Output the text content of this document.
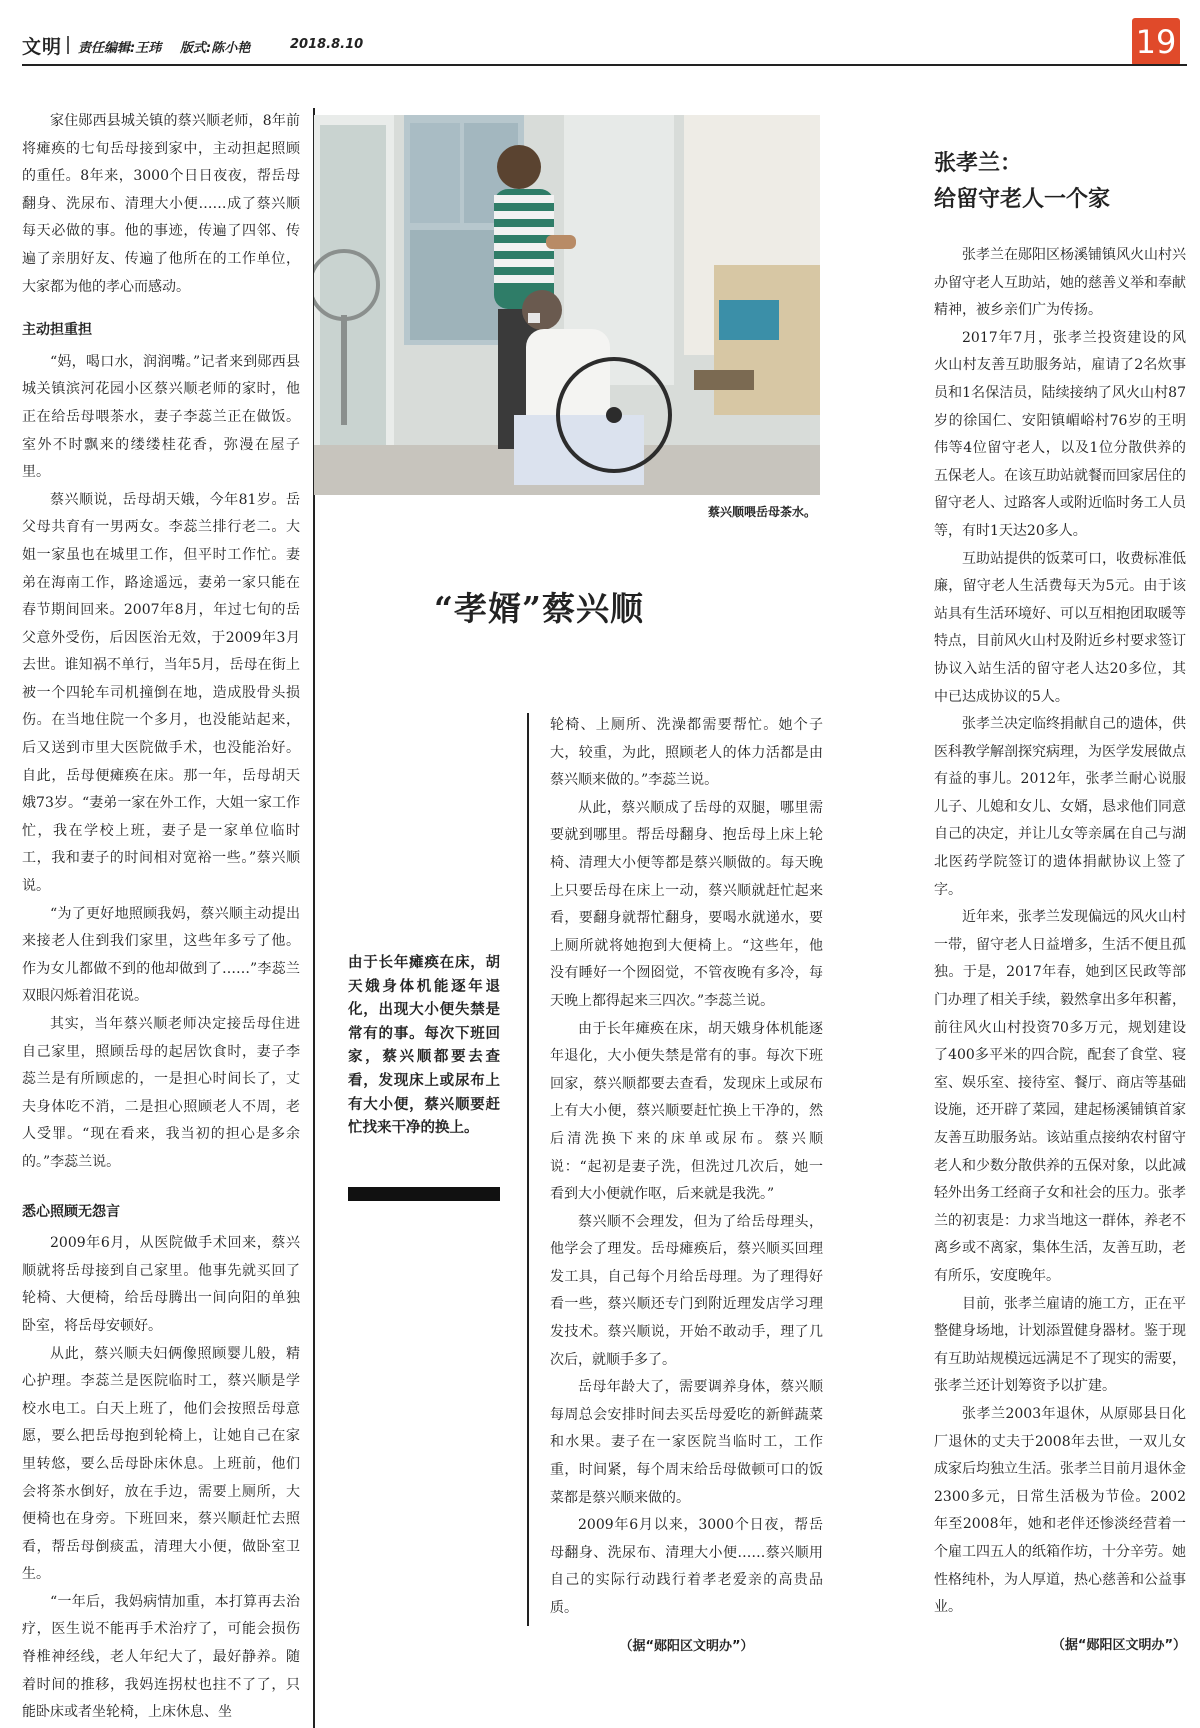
文明 责任编辑:王玮 版式:陈小艳	2018.8.10	19

家住郧西县城关镇的蔡兴顺老师，8年前将瘫痪的七旬岳母接到家中，主动担起照顾的重任。8年来，3000个日日夜夜，帮岳母翻身、洗尿布、清理大小便……成了蔡兴顺每天必做的事。他的事迹，传遍了四邻、传遍了亲朋好友、传遍了他所在的工作单位，大家都为他的孝心而感动。

主动担重担

“妈，喝口水，润润嘴。”记者来到郧西县城关镇滨河花园小区蔡兴顺老师的家时，他正在给岳母喂茶水，妻子李蕊兰正在做饭。室外不时飘来的缕缕桂花香，弥漫在屋子里。

蔡兴顺说，岳母胡天娥，今年81岁。岳父母共育有一男两女。李蕊兰排行老二。大姐一家虽也在城里工作，但平时工作忙。妻弟在海南工作，路途遥远，妻弟一家只能在春节期间回来。2007年8月，年过七旬的岳父意外受伤，后因医治无效，于2009年3月去世。谁知祸不单行，当年5月，岳母在街上被一个四轮车司机撞倒在地，造成股骨头损伤。在当地住院一个多月，也没能站起来，后又送到市里大医院做手术，也没能治好。自此，岳母便瘫痪在床。那一年，岳母胡天娥73岁。“妻弟一家在外工作，大姐一家工作忙，我在学校上班，妻子是一家单位临时工，我和妻子的时间相对宽裕一些。”蔡兴顺说。

“为了更好地照顾我妈，蔡兴顺主动提出来接老人住到我们家里，这些年多亏了他。作为女儿都做不到的他却做到了……”李蕊兰双眼闪烁着泪花说。

其实，当年蔡兴顺老师决定接岳母住进自己家里，照顾岳母的起居饮食时，妻子李蕊兰是有所顾虑的，一是担心时间长了，丈夫身体吃不消，二是担心照顾老人不周，老人受罪。“现在看来，我当初的担心是多余的。”李蕊兰说。

悉心照顾无怨言

2009年6月，从医院做手术回来，蔡兴顺就将岳母接到自己家里。他事先就买回了轮椅、大便椅，给岳母腾出一间向阳的单独卧室，将岳母安顿好。

从此，蔡兴顺夫妇俩像照顾婴儿般，精心护理。李蕊兰是医院临时工，蔡兴顺是学校水电工。白天上班了，他们会按照岳母意愿，要么把岳母抱到轮椅上，让她自己在家里转悠，要么岳母卧床休息。上班前，他们会将茶水倒好，放在手边，需要上厕所，大便椅也在身旁。下班回来，蔡兴顺赶忙去照看，帮岳母倒痰盂，清理大小便，做卧室卫生。

“一年后，我妈病情加重，本打算再去治疗，医生说不能再手术治疗了，可能会损伤脊椎神经线，老人年纪大了，最好静养。随着时间的推移，我妈连拐杖也拄不了了，只能卧床或者坐轮椅，上床休息、坐

蔡兴顺喂岳母茶水。
“孝婿”蔡兴顺
由于长年瘫痪在床，胡天娥身体机能逐年退化，出现大小便失禁是常有的事。每次下班回家，蔡兴顺都要去查看，发现床上或尿布上有大小便，蔡兴顺要赶忙找来干净的换上。

轮椅、上厕所、洗澡都需要帮忙。她个子大，较重，为此，照顾老人的体力活都是由蔡兴顺来做的。”李蕊兰说。

从此，蔡兴顺成了岳母的双腿，哪里需要就到哪里。帮岳母翻身、抱岳母上床上轮椅、清理大小便等都是蔡兴顺做的。每天晚上只要岳母在床上一动，蔡兴顺就赶忙起来看，要翻身就帮忙翻身，要喝水就递水，要上厕所就将她抱到大便椅上。“这些年，他没有睡好一个囫囵觉，不管夜晚有多冷，每天晚上都得起来三四次。”李蕊兰说。

由于长年瘫痪在床，胡天娥身体机能逐年退化，大小便失禁是常有的事。每次下班回家，蔡兴顺都要去查看，发现床上或尿布上有大小便，蔡兴顺要赶忙换上干净的，然后清洗换下来的床单或尿布。蔡兴顺说：“起初是妻子洗，但洗过几次后，她一看到大小便就作呕，后来就是我洗。”

蔡兴顺不会理发，但为了给岳母理头，他学会了理发。岳母瘫痪后，蔡兴顺买回理发工具，自己每个月给岳母理。为了理得好看一些，蔡兴顺还专门到附近理发店学习理发技术。蔡兴顺说，开始不敢动手，理了几次后，就顺手多了。

岳母年龄大了，需要调养身体，蔡兴顺每周总会安排时间去买岳母爱吃的新鲜蔬菜和水果。妻子在一家医院当临时工，工作重，时间紧，每个周末给岳母做顿可口的饭菜都是蔡兴顺来做的。

2009年6月以来，3000个日夜，帮岳母翻身、洗尿布、清理大小便……蔡兴顺用自己的实际行动践行着孝老爱亲的高贵品质。

（据“郧阳区文明办”）

张孝兰：
给留守老人一个家

张孝兰在郧阳区杨溪铺镇风火山村兴办留守老人互助站，她的慈善义举和奉献精神，被乡亲们广为传扬。

2017年7月，张孝兰投资建设的风火山村友善互助服务站，雇请了2名炊事员和1名保洁员，陆续接纳了风火山村87岁的徐国仁、安阳镇嵋峪村76岁的王明伟等4位留守老人，以及1位分散供养的五保老人。在该互助站就餐而回家居住的留守老人、过路客人或附近临时务工人员等，有时1天达20多人。

互助站提供的饭菜可口，收费标准低廉，留守老人生活费每天为5元。由于该站具有生活环境好、可以互相抱团取暖等特点，目前风火山村及附近乡村要求签订协议入站生活的留守老人达20多位，其中已达成协议的5人。

张孝兰决定临终捐献自己的遗体，供医科教学解剖探究病理，为医学发展做点有益的事儿。2012年，张孝兰耐心说服儿子、儿媳和女儿、女婿，恳求他们同意自己的决定，并让儿女等亲属在自己与湖北医药学院签订的遗体捐献协议上签了字。

近年来，张孝兰发现偏远的风火山村一带，留守老人日益增多，生活不便且孤独。于是，2017年春，她到区民政等部门办理了相关手续，毅然拿出多年积蓄，前往风火山村投资70多万元，规划建设了400多平米的四合院，配套了食堂、寝室、娱乐室、接待室、餐厅、商店等基础设施，还开辟了菜园，建起杨溪铺镇首家友善互助服务站。该站重点接纳农村留守老人和少数分散供养的五保对象，以此减轻外出务工经商子女和社会的压力。张孝兰的初衷是：力求当地这一群体，养老不离乡或不离家，集体生活，友善互助，老有所乐，安度晚年。

目前，张孝兰雇请的施工方，正在平整健身场地，计划添置健身器材。鉴于现有互助站规模远远满足不了现实的需要，张孝兰还计划筹资予以扩建。

张孝兰2003年退休，从原郧县日化厂退休的丈夫于2008年去世，一双儿女成家后均独立生活。张孝兰目前月退休金2300多元，日常生活极为节俭。2002年至2008年，她和老伴还惨淡经营着一个雇工四五人的纸箱作坊，十分辛劳。她性格纯朴，为人厚道，热心慈善和公益事业。

（据“郧阳区文明办”）
